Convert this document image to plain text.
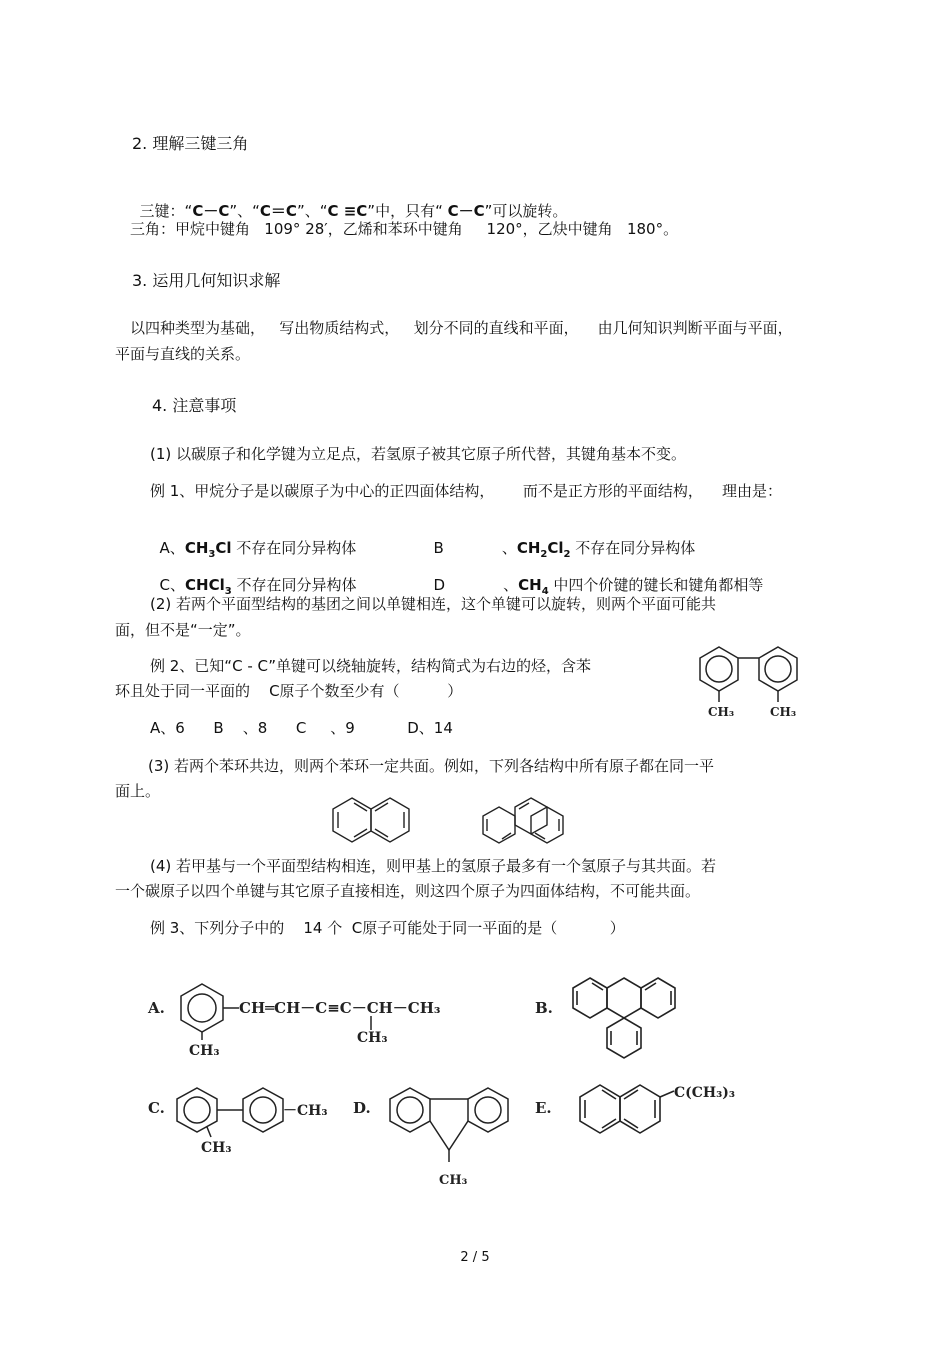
2. 理解三键三角

三键：“C－C”、“C＝C”、“C ≡C”中，只有“ C－C”可以旋转。

三角：甲烷中键角   109° 28′，乙烯和苯环中键角     120°，乙炔中键角   180°。
3. 运用几何知识求解
以四种类型为基础，   写出物质结构式，   划分不同的直线和平面，    由几何知识判断平面与平面，
平面与直线的关系。
4. 注意事项
(1) 以碳原子和化学键为立足点，若氢原子被其它原子所代替，其键角基本不变。
例 1、甲烷分子是以碳原子为中心的正四面体结构，      而不是正方形的平面结构，    理由是：

A、$CH_3Cl$ 不存在同分异构体	B	、$CH_2Cl_2$ 不存在同分异构体

C、CHCl$_3$ 不存在同分异构体	D	、$CH_4$ 中四个价键的键长和键角都相等

(2) 若两个平面型结构的基团之间以单键相连，这个单键可以旋转，则两个平面可能共
面，但不是“一定”。
例 2、已知“C - C”单键可以绕轴旋转，结构简式为右边的烃，含苯
环且处于同一平面的    C原子个数至少有（          ）
A、6      B    、8      C     、9           D、14
CH₃	CH₃
(3) 若两个苯环共边，则两个苯环一定共面。例如，下列各结构中所有原子都在同一平
面上。
(4) 若甲基与一个平面型结构相连，则甲基上的氢原子最多有一个氢原子与其共面。若
一个碳原子以四个单键与其它原子直接相连，则这四个原子为四面体结构，不可能共面。
例 3、下列分子中的    14 个  C原子可能处于同一平面的是（           ）
A.	CH═CH－C≡C－CH－CH₃
CH₃
CH₃
B.
C.	－CH₃
CH₃
D.
CH₃
E.
C(CH₃)₃
2 / 5
